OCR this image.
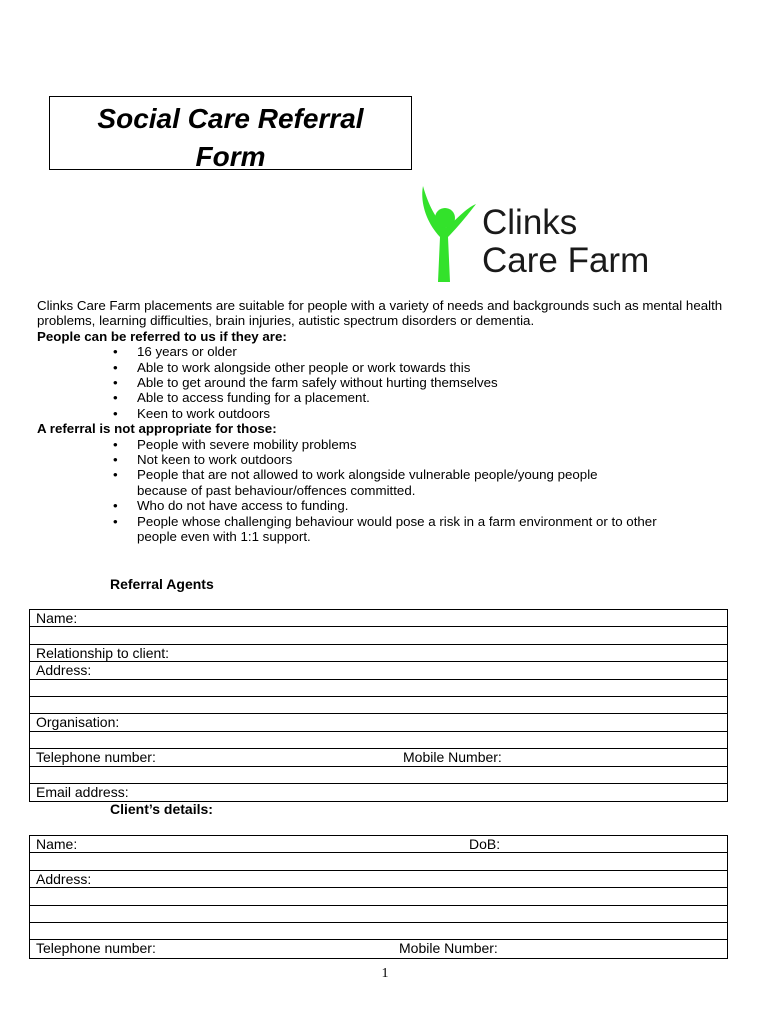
Social Care Referral
Form
Clinks
Care Farm

Clinks Care Farm placements are suitable for people with a variety of needs and backgrounds such as mental health problems, learning difficulties, brain injuries, autistic spectrum disorders or dementia.

People can be referred to us if they are:

• 16 years or older
• Able to work alongside other people or work towards this
• Able to get around the farm safely without hurting themselves
• Able to access funding for a placement.
• Keen to work outdoors

A referral is not appropriate for those:

• People with severe mobility problems
• Not keen to work outdoors
• People that are not allowed to work alongside vulnerable people/young people because of past behaviour/offences committed.
• Who do not have access to funding.
• People whose challenging behaviour would pose a risk in a farm environment or to other people even with 1:1 support.
Referral Agents
Name:
Relationship to client:
Address:
Organisation:
Telephone number:	Mobile Number:
Email address:
Client’s details:
Name:	DoB:
Address:
Telephone number:	Mobile Number:
1
